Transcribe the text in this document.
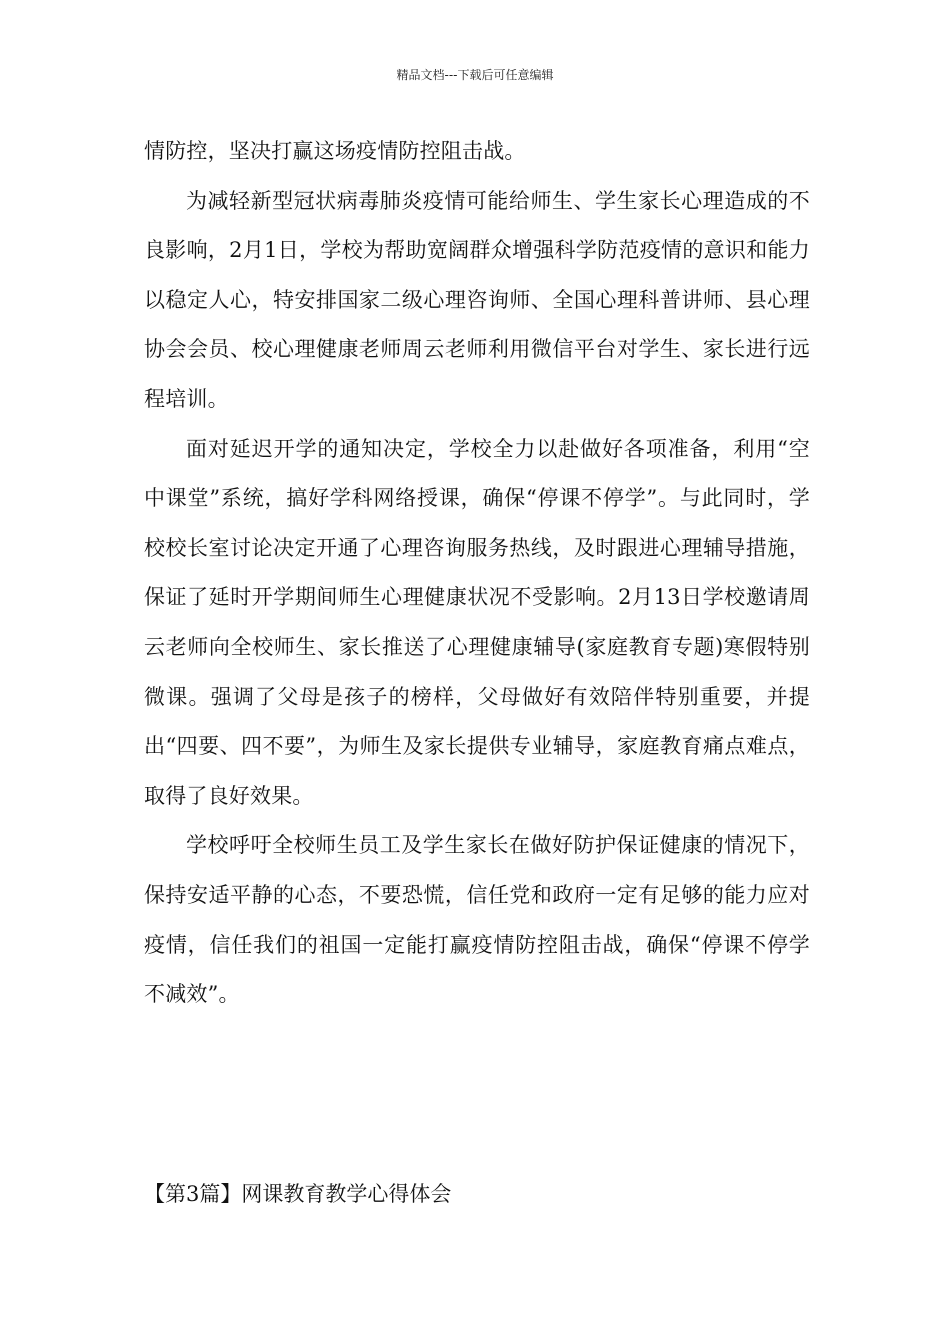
精品文档---下载后可任意编辑

情防控，坚决打赢这场疫情防控阻击战。

为减轻新型冠状病毒肺炎疫情可能给师生、学生家长心理造成的不良影响，2月1日，学校为帮助宽阔群众增强科学防范疫情的意识和能力以稳定人心，特安排国家二级心理咨询师、全国心理科普讲师、县心理协会会员、校心理健康老师周云老师利用微信平台对学生、家长进行远程培训。

面对延迟开学的通知决定，学校全力以赴做好各项准备，利用“空中课堂”系统，搞好学科网络授课，确保“停课不停学”。与此同时，学校校长室讨论决定开通了心理咨询服务热线，及时跟进心理辅导措施，保证了延时开学期间师生心理健康状况不受影响。2月13日学校邀请周云老师向全校师生、家长推送了心理健康辅导(家庭教育专题)寒假特别微课。强调了父母是孩子的榜样，父母做好有效陪伴特别重要，并提出“四要、四不要”，为师生及家长提供专业辅导，家庭教育痛点难点，取得了良好效果。

学校呼吁全校师生员工及学生家长在做好防护保证健康的情况下，保持安适平静的心态，不要恐慌，信任党和政府一定有足够的能力应对疫情，信任我们的祖国一定能打赢疫情防控阻击战，确保“停课不停学不减效”。

【第3篇】网课教育教学心得体会
